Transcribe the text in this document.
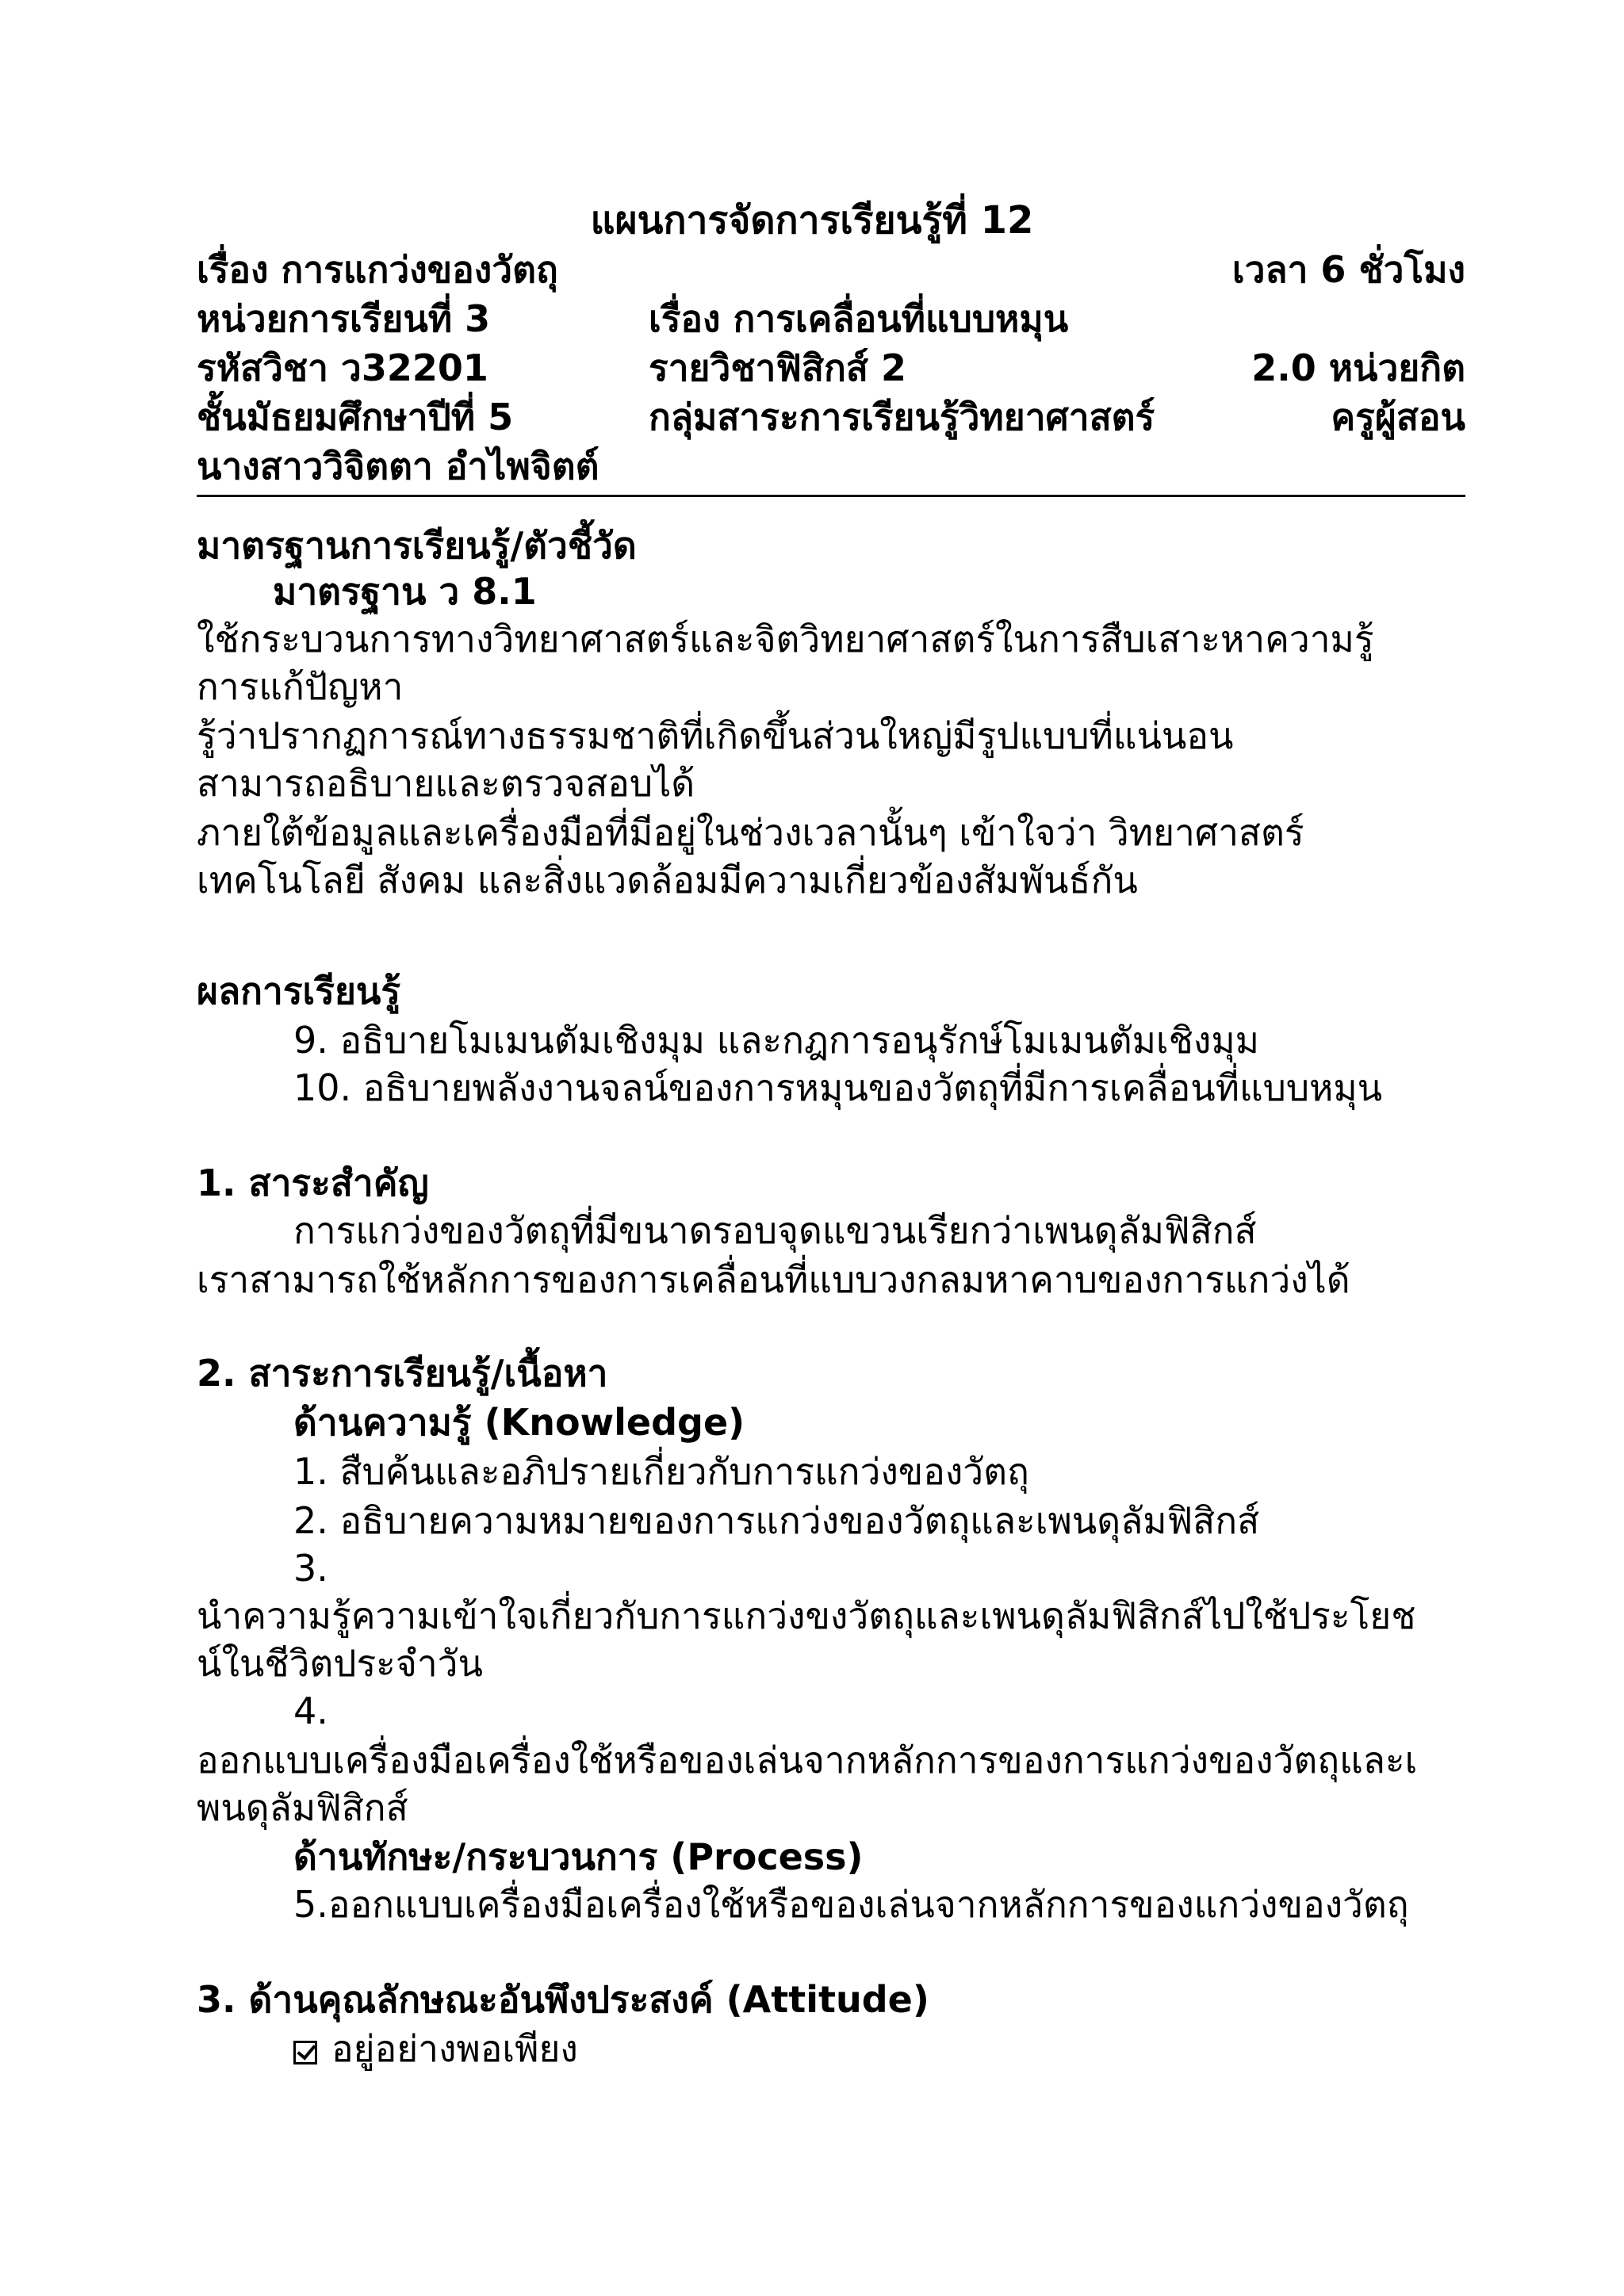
แผนการจัดการเรียนรู้ที่ 12
เรื่อง การแกว่งของวัตถุ	เวลา 6 ชั่วโมง
หน่วยการเรียนที่ 3	เรื่อง การเคลื่อนที่แบบหมุน
รหัสวิชา ว32201	รายวิชาฟิสิกส์ 2	2.0 หน่วยกิต
ชั้นมัธยมศึกษาปีที่ 5	กลุ่มสาระการเรียนรู้วิทยาศาสตร์	ครูผู้สอน
นางสาววิจิตตา อำไพจิตต์
มาตรฐานการเรียนรู้/ตัวชี้วัด
มาตรฐาน ว 8.1
ใช้กระบวนการทางวิทยาศาสตร์และจิตวิทยาศาสตร์ในการสืบเสาะหาความรู้
การแก้ปัญหา
รู้ว่าปรากฏการณ์ทางธรรมชาติที่เกิดขึ้นส่วนใหญ่มีรูปแบบที่แน่นอน
สามารถอธิบายและตรวจสอบได้
ภายใต้ข้อมูลและเครื่องมือที่มีอยู่ในช่วงเวลานั้นๆ เข้าใจว่า วิทยาศาสตร์
เทคโนโลยี สังคม และสิ่งแวดล้อมมีความเกี่ยวข้องสัมพันธ์กัน
ผลการเรียนรู้
9. อธิบายโมเมนตัมเชิงมุม และกฎการอนุรักษ์โมเมนตัมเชิงมุม
10. อธิบายพลังงานจลน์ของการหมุนของวัตถุที่มีการเคลื่อนที่แบบหมุน
1. สาระสำคัญ
การแกว่งของวัตถุที่มีขนาดรอบจุดแขวนเรียกว่าเพนดุลัมฟิสิกส์
เราสามารถใช้หลักการของการเคลื่อนที่แบบวงกลมหาคาบของการแกว่งได้
2. สาระการเรียนรู้/เนื้อหา
ด้านความรู้ (Knowledge)
1. สืบค้นและอภิปรายเกี่ยวกับการแกว่งของวัตถุ
2. อธิบายความหมายของการแกว่งของวัตถุและเพนดุลัมฟิสิกส์
3.
นำความรู้ความเข้าใจเกี่ยวกับการแกว่งขงวัตถุและเพนดุลัมฟิสิกส์ไปใช้ประโยช
น์ในชีวิตประจำวัน
4.
ออกแบบเครื่องมือเครื่องใช้หรือของเล่นจากหลักการของการแกว่งของวัตถุและเ
พนดุลัมฟิสิกส์
ด้านทักษะ/กระบวนการ (Process)
5.ออกแบบเครื่องมือเครื่องใช้หรือของเล่นจากหลักการของแกว่งของวัตถุ
3. ด้านคุณลักษณะอันพึงประสงค์ (Attitude)
อยู่อย่างพอเพียง
